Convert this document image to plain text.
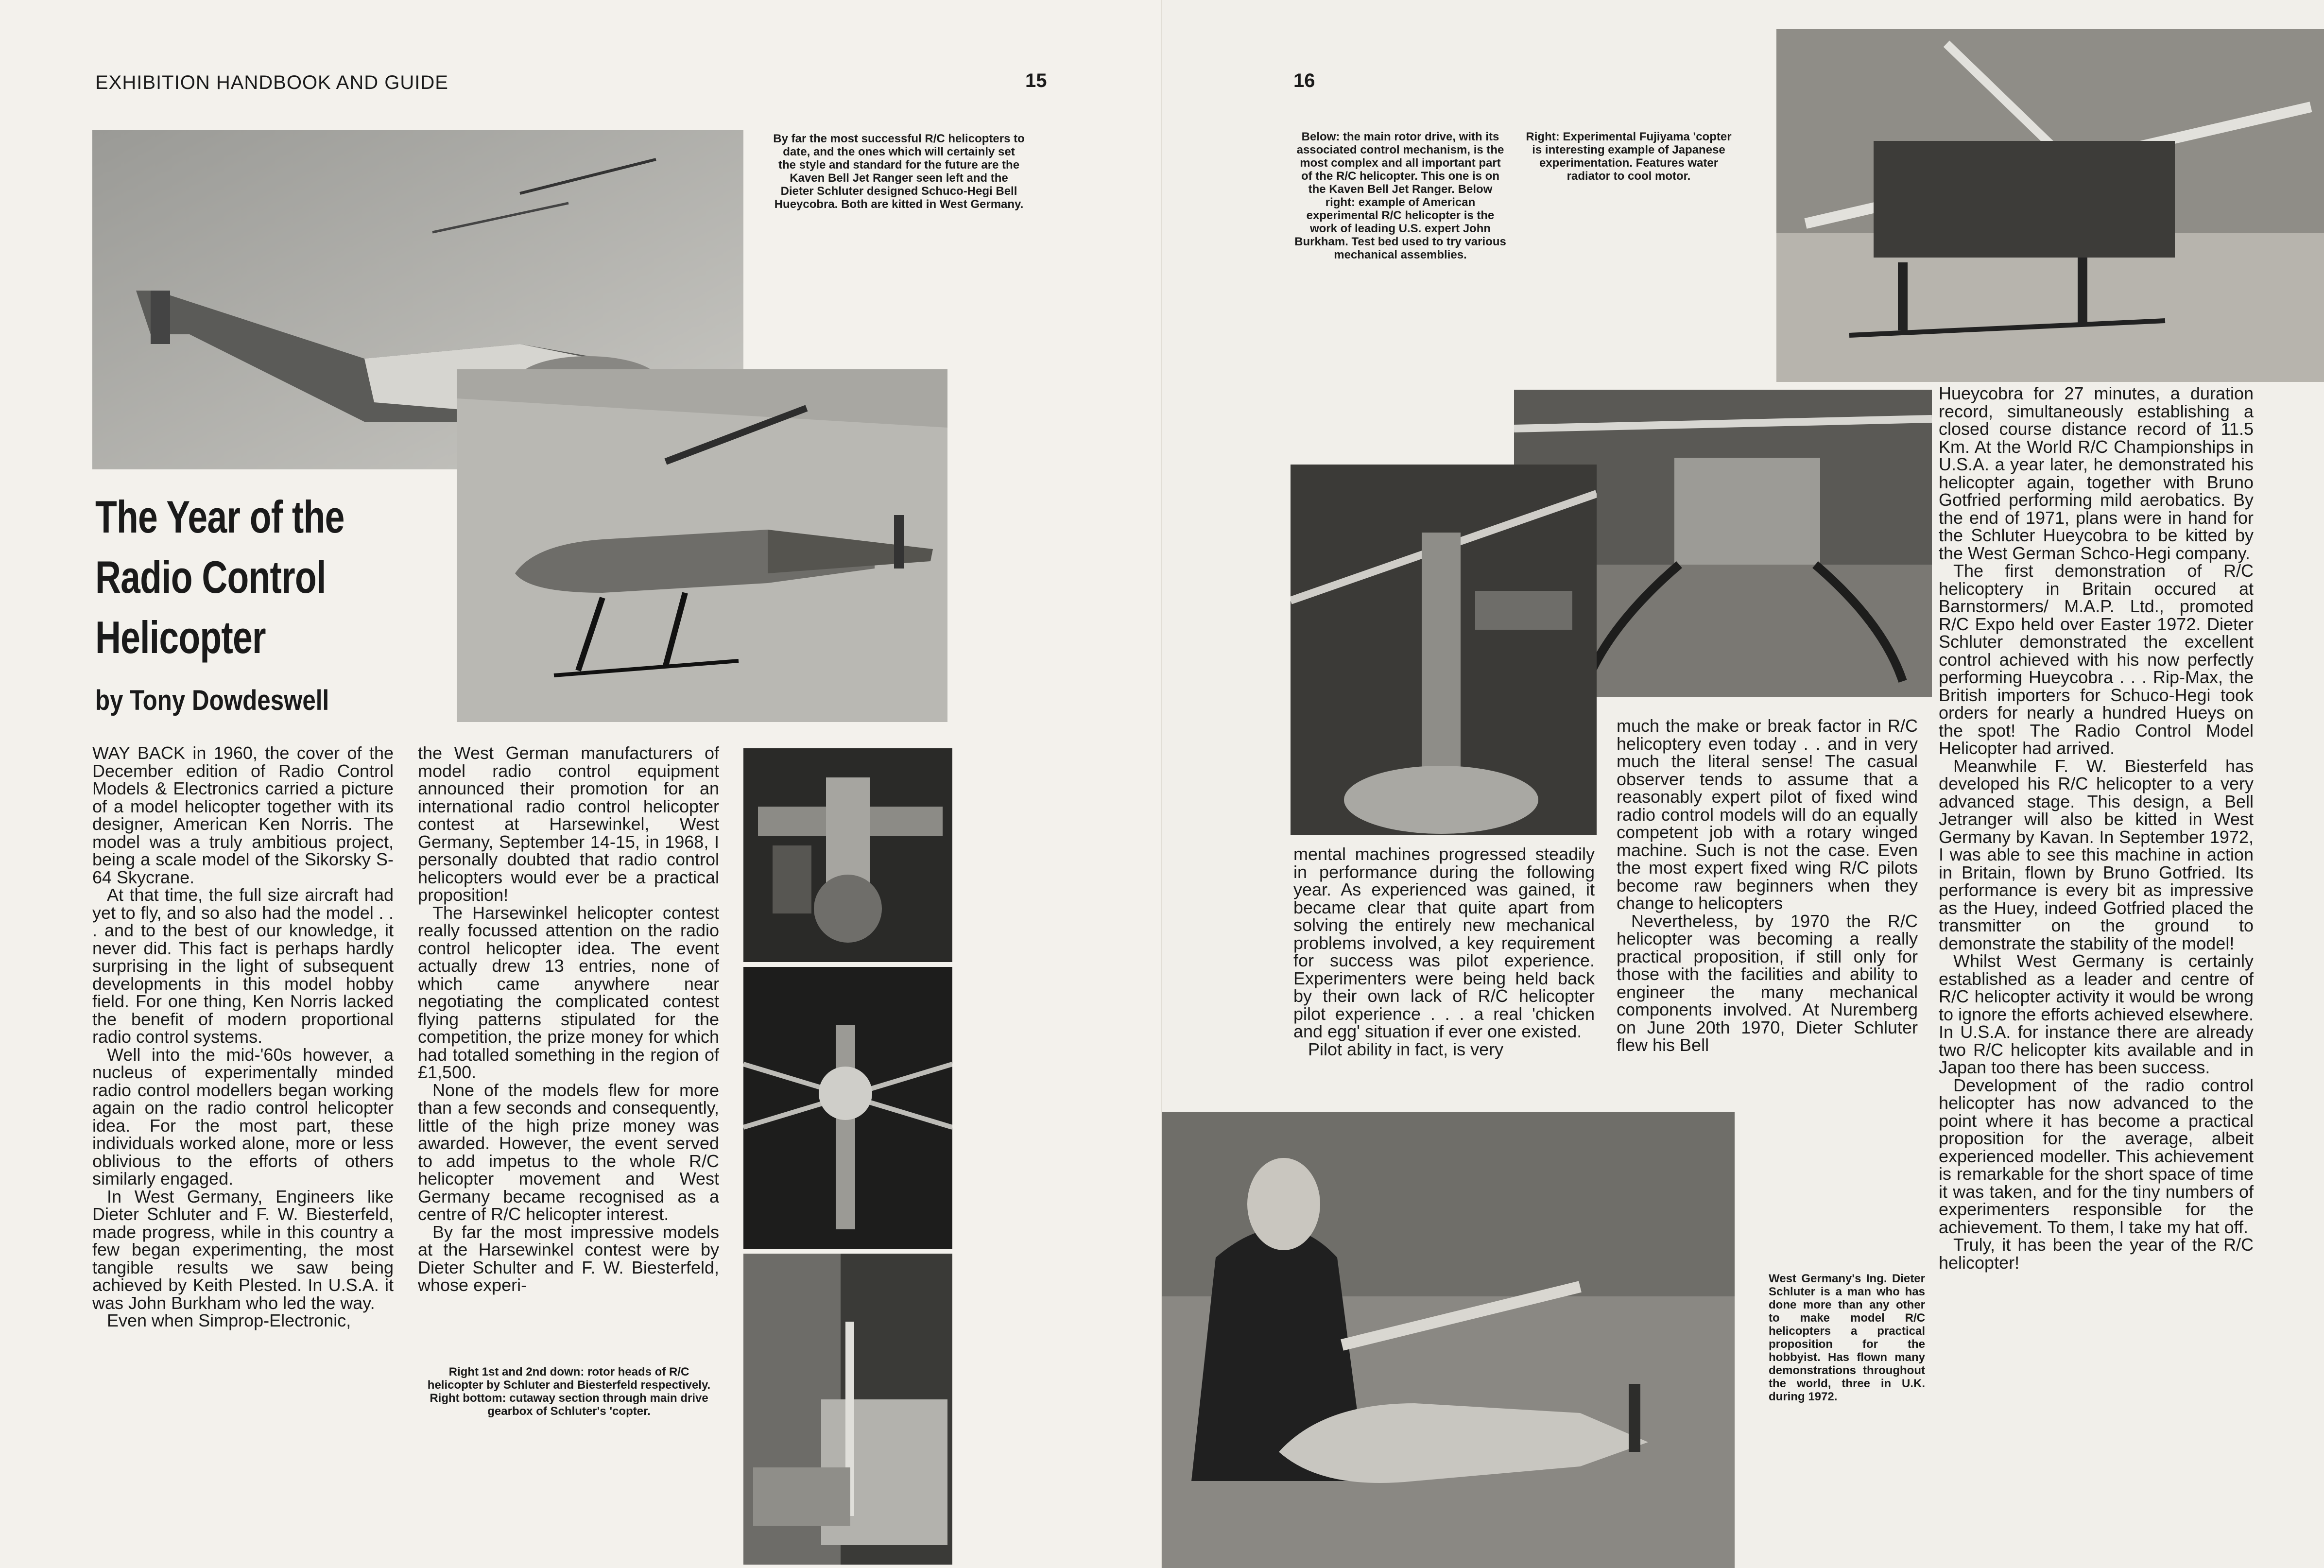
EXHIBITION HANDBOOK AND GUIDE	15
By far the most successful R/C helicopters to date, and the ones which will certainly set the style and standard for the future are the Kaven Bell Jet Ranger seen left and the Dieter Schluter designed Schuco-Hegi Bell Hueycobra. Both are kitted in West Germany.
The Year of the
Radio Control
Helicopter
by Tony Dowdeswell

WAY BACK in 1960, the cover of the December edition of Radio Control Models & Electronics carried a picture of a model helicopter together with its designer, American Ken Norris. The model was a truly ambitious project, being a scale model of the Sikorsky S-64 Skycrane.

At that time, the full size aircraft had yet to fly, and so also had the model . . . and to the best of our knowledge, it never did. This fact is perhaps hardly surprising in the light of subsequent developments in this model hobby field. For one thing, Ken Norris lacked the benefit of modern proportional radio control systems.

Well into the mid-'60s however, a nucleus of experimentally minded radio control modellers began working again on the radio control helicopter idea. For the most part, these individuals worked alone, more or less oblivious to the efforts of others similarly engaged.

In West Germany, Engineers like Dieter Schluter and F. W. Biesterfeld, made progress, while in this country a few began experimenting, the most tangible results we saw being achieved by Keith Plested. In U.S.A. it was John Burkham who led the way.

Even when Simprop-Electronic,

the West German manufacturers of model radio control equipment announced their promotion for an international radio control helicopter contest at Harsewinkel, West Germany, September 14-15, in 1968, I personally doubted that radio control helicopters would ever be a practical proposition!

The Harsewinkel helicopter contest really focussed attention on the radio control helicopter idea. The event actually drew 13 entries, none of which came anywhere near negotiating the complicated contest flying patterns stipulated for the competition, the prize money for which had totalled something in the region of £1,500.

None of the models flew for more than a few seconds and consequently, little of the high prize money was awarded. However, the event served to add impetus to the whole R/C helicopter movement and West Germany became recognised as a centre of R/C helicopter interest.

By far the most impressive models at the Harsewinkel contest were by Dieter Schulter and F. W. Biesterfeld, whose experi-

Right 1st and 2nd down: rotor heads of R/C helicopter by Schluter and Biesterfeld respectively. Right bottom: cutaway section through main drive gearbox of Schluter's 'copter.
16
Below: the main rotor drive, with its associated control mechanism, is the most complex and all important part of the R/C helicopter. This one is on the Kaven Bell Jet Ranger. Below right: example of American experimental R/C helicopter is the work of leading U.S. expert John Burkham. Test bed used to try various mechanical assemblies.
Right: Experimental Fujiyama 'copter is interesting example of Japanese experimentation. Features water radiator to cool motor.

mental machines progressed steadily in performance during the following year. As experienced was gained, it became clear that quite apart from solving the entirely new mechanical problems involved, a key requirement for success was pilot experience. Experimenters were being held back by their own lack of R/C helicopter pilot experience . . . a real 'chicken and egg' situation if ever one existed.

Pilot ability in fact, is very

much the make or break factor in R/C helicoptery even today . . and in very much the literal sense! The casual observer tends to assume that a reasonably expert pilot of fixed wind radio control models will do an equally competent job with a rotary winged machine. Such is not the case. Even the most expert fixed wing R/C pilots become raw beginners when they change to helicopters

Nevertheless, by 1970 the R/C helicopter was becoming a really practical proposition, if still only for those with the facilities and ability to engineer the many mechanical components involved. At Nuremberg on June 20th 1970, Dieter Schluter flew his Bell

Hueycobra for 27 minutes, a duration record, simultaneously establishing a closed course distance record of 11.5 Km. At the World R/C Championships in U.S.A. a year later, he demonstrated his helicopter again, together with Bruno Gotfried performing mild aerobatics. By the end of 1971, plans were in hand for the Schluter Hueycobra to be kitted by the West German Schco-Hegi company.

The first demonstration of R/C helicoptery in Britain occured at Barnstormers/ M.A.P. Ltd., promoted R/C Expo held over Easter 1972. Dieter Schluter demonstrated the excellent control achieved with his now perfectly performing Hueycobra . . . Rip-Max, the British importers for Schuco-Hegi took orders for nearly a hundred Hueys on the spot! The Radio Control Model Helicopter had arrived.

Meanwhile F. W. Biesterfeld has developed his R/C helicopter to a very advanced stage. This design, a Bell Jetranger will also be kitted in West Germany by Kavan. In September 1972, I was able to see this machine in action in Britain, flown by Bruno Gotfried. Its performance is every bit as impressive as the Huey, indeed Gotfried placed the transmitter on the ground to demonstrate the stability of the model!

Whilst West Germany is certainly established as a leader and centre of R/C helicopter activity it would be wrong to ignore the efforts achieved elsewhere. In U.S.A. for instance there are already two R/C helicopter kits available and in Japan too there has been success.

Development of the radio control helicopter has now advanced to the point where it has become a practical proposition for the average, albeit experienced modeller. This achievement is remarkable for the short space of time it was taken, and for the tiny numbers of experimenters responsible for the achievement. To them, I take my hat off.

Truly, it has been the year of the R/C helicopter!

West Germany's Ing. Dieter Schluter is a man who has done more than any other to make model R/C helicopters a practical proposition for the hobbyist. Has flown many demonstrations throughout the world, three in U.K. during 1972.
